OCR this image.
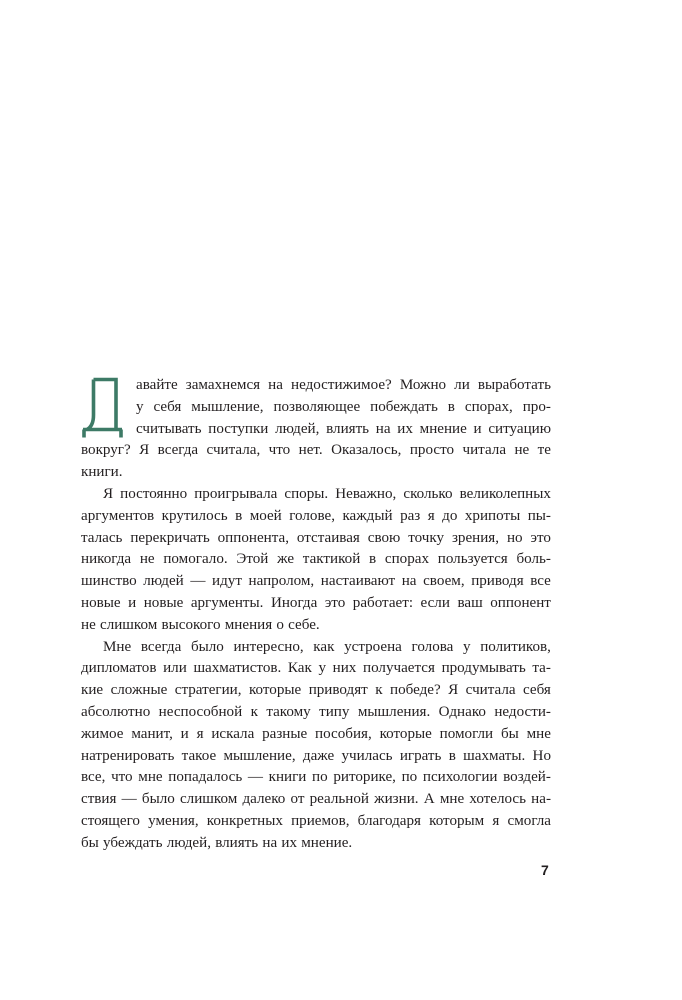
Д	авайте замахнемся на недостижимое? Можно ли выработать
у себя мышление, позволяющее побеждать в спорах, про-
считывать поступки людей, влиять на их мнение и ситуацию
вокруг? Я всегда считала, что нет. Оказалось, просто читала не те
книги.
Я постоянно проигрывала споры. Неважно, сколько великолепных
аргументов крутилось в моей голове, каждый раз я до хрипоты пы-
талась перекричать оппонента, отстаивая свою точку зрения, но это
никогда не помогало. Этой же тактикой в спорах пользуется боль-
шинство людей — идут напролом, настаивают на своем, приводя все
новые и новые аргументы. Иногда это работает: если ваш оппонент
не слишком высокого мнения о себе.
Мне всегда было интересно, как устроена голова у политиков,
дипломатов или шахматистов. Как у них получается продумывать та-
кие сложные стратегии, которые приводят к победе? Я считала себя
абсолютно неспособной к такому типу мышления. Однако недости-
жимое манит, и я искала разные пособия, которые помогли бы мне
натренировать такое мышление, даже училась играть в шахматы. Но
все, что мне попадалось — книги по риторике, по психологии воздей-
ствия — было слишком далеко от реальной жизни. А мне хотелось на-
стоящего умения, конкретных приемов, благодаря которым я смогла
бы убеждать людей, влиять на их мнение.
7
